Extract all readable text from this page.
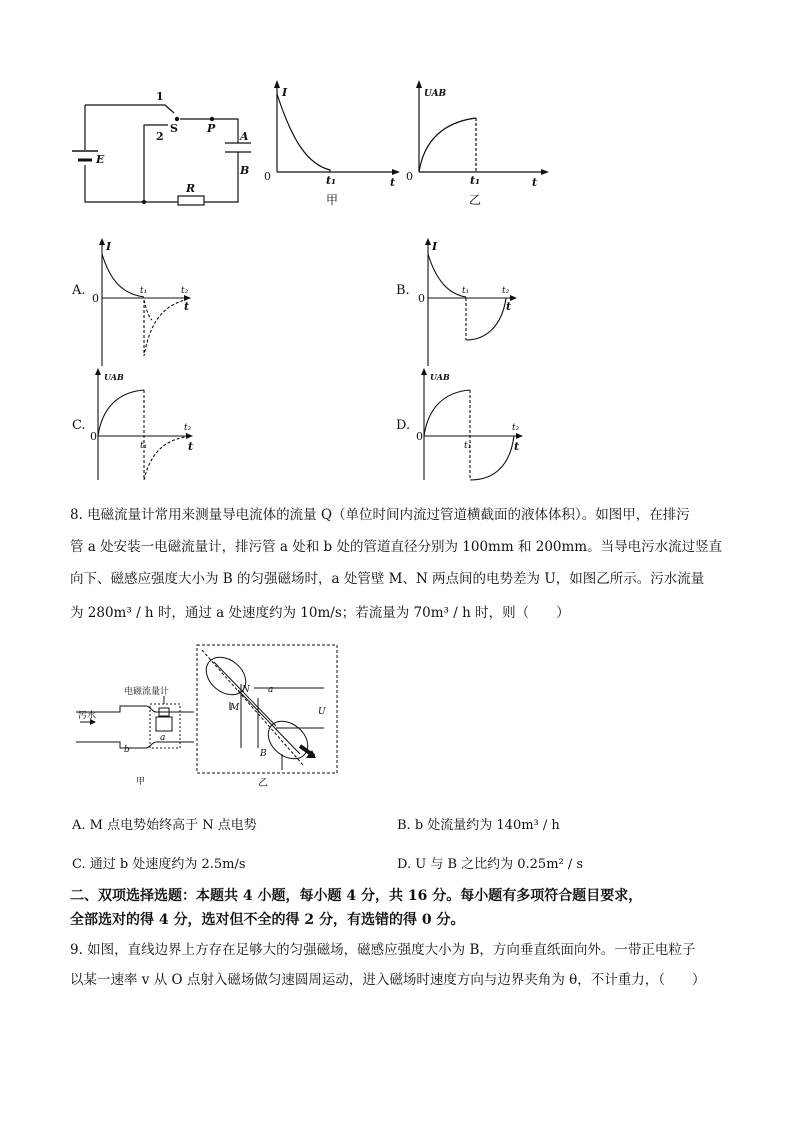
1
2
S	P
E
A
B
R
I
0	t₁	t
甲
UAB
0	t₁	t
乙
A.
I
0
t₁	t₂
t
B.
I
0
t₁	t₂
t
C.
UAB
0
t₁
t₂
t
D.
UAB
0
t₁
t₂
t
8. 电磁流量计常用来测量导电流体的流量 Q（单位时间内流过管道横截面的液体体积）。如图甲，在排污
管 a 处安装一电磁流量计，排污管 a 处和 b 处的管道直径分别为 100mm 和 200mm。当导电污水流过竖直
向下、磁感应强度大小为 B 的匀强磁场时，a 处管壁 M、N 两点间的电势差为 U，如图乙所示。污水流量
为 280m³ / h 时，通过 a 处速度约为 10m/s；若流量为 70m³ / h 时，则（　　）
电磁流量计
污水
a
b
甲
N
M
a
B
U
乙
A. M 点电势始终高于 N 点电势	B. b 处流量约为 140m³ / h
C. 通过 b 处速度约为 2.5m/s	D. U 与 B 之比约为 0.25m² / s
二、双项选择选题：本题共 4 小题，每小题 4 分，共 16 分。每小题有多项符合题目要求，
全部选对的得 4 分，选对但不全的得 2 分，有选错的得 0 分。
9. 如图，直线边界上方存在足够大的匀强磁场，磁感应强度大小为 B，方向垂直纸面向外。一带正电粒子
以某一速率 v 从 O 点射入磁场做匀速圆周运动，进入磁场时速度方向与边界夹角为 θ，不计重力，（　　）
